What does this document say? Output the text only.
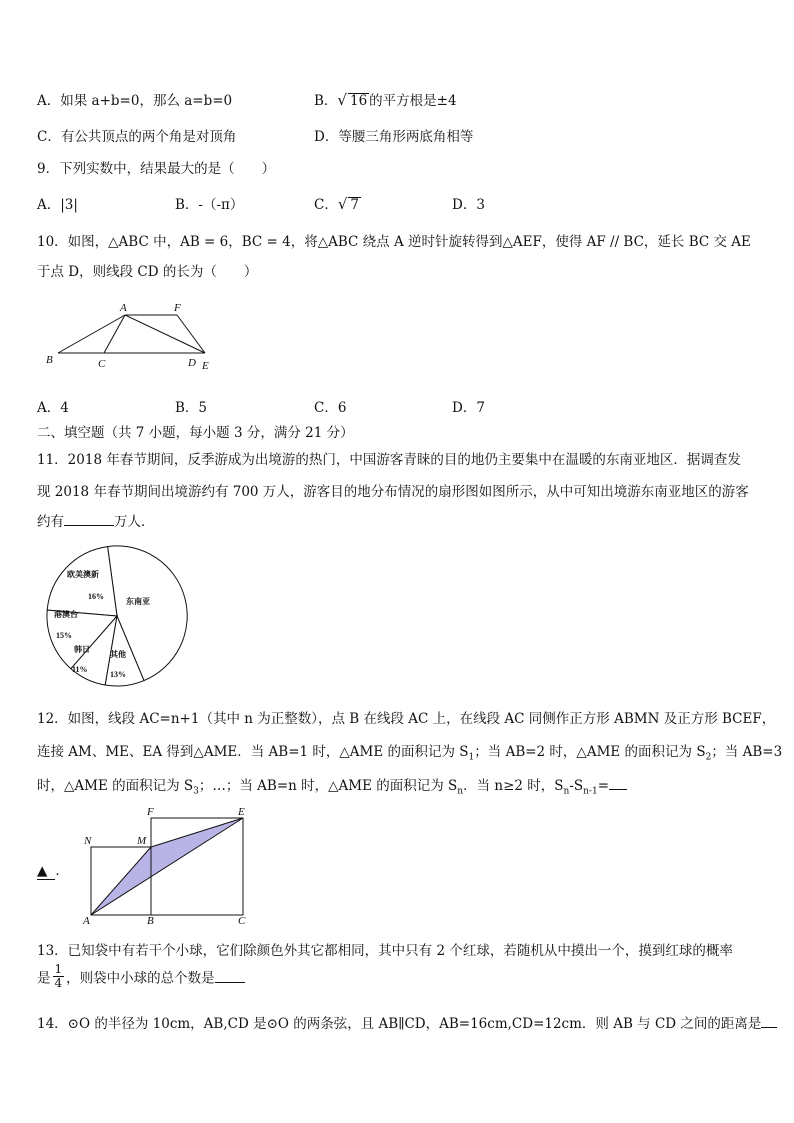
A．如果 a+b=0，那么 a=b=0	B．√ 16 的平方根是±4
C．有公共顶点的两个角是对顶角	D．等腰三角形两底角相等
9．下列实数中，结果最大的是（　　）
A．|3|	B．-（-π）	C．√ 7	D．3
10．如图，△ABC 中，AB = 6，BC = 4，将△ABC 绕点 A 逆时针旋转得到△AEF，使得 AF // BC，延长 BC 交 AE
于点 D，则线段 CD 的长为（　　）
A	F
B	C	D E
A．4	B．5	C．6	D．7
二、填空题（共 7 小题，每小题 3 分，满分 21 分）
11．2018 年春节期间，反季游成为出境游的热门，中国游客青睐的目的地仍主要集中在温暖的东南亚地区．据调查发
现 2018 年春节期间出境游约有 700 万人，游客目的地分布情况的扇形图如图所示，从中可知出境游东南亚地区的游客
约有	万人．
欧美澳新
16%
东南亚
港澳台
15%
韩日
11%
其他
13%
12．如图，线段 AC=n+1（其中 n 为正整数），点 B 在线段 AC 上，在线段 AC 同侧作正方形 ABMN 及正方形 BCEF，
连接 AM、ME、EA 得到△AME．当 AB=1 时，△AME 的面积记为 $S_1$；当 AB=2 时，△AME 的面积记为 $S_2$；当 AB=3
时，△AME 的面积记为 $S_3$；…；当 AB=n 时，△AME 的面积记为 $S_n$．当 n≥2 时，$S_n-S_{n-1}=$
▲ ．
N	M
F	E
A	B	C
13．已知袋中有若干个小球，它们除颜色外其它都相同，其中只有 2 个红球，若随机从中摸出一个，摸到红球的概率
是 $\frac{1}{4}$ ，则袋中小球的总个数是
14．⊙O 的半径为 10cm，AB,CD 是⊙O 的两条弦，且 AB∥CD，AB=16cm,CD=12cm．则 AB 与 CD 之间的距离是
